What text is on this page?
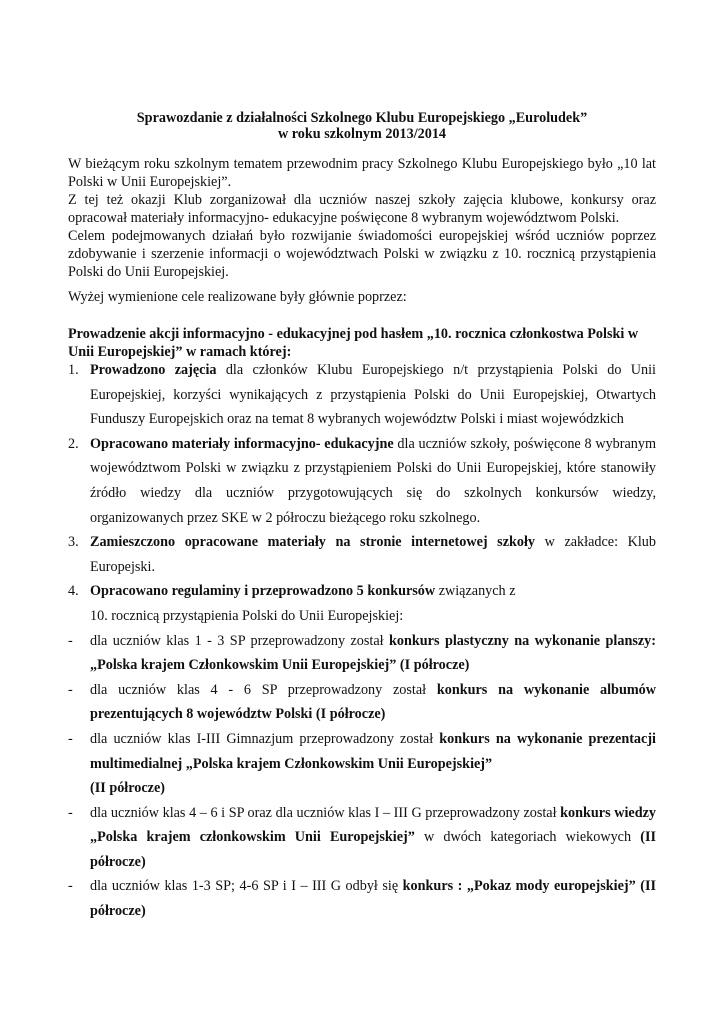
Sprawozdanie z działalności Szkolnego Klubu Europejskiego „Euroludek”
w roku szkolnym 2013/2014

W bieżącym roku szkolnym tematem przewodnim pracy Szkolnego Klubu Europejskiego było „10 lat Polski w Unii Europejskiej”.

Z tej też okazji Klub zorganizował dla uczniów naszej szkoły zajęcia klubowe, konkursy oraz opracował materiały informacyjno- edukacyjne poświęcone 8 wybranym województwom Polski.

Celem podejmowanych działań było rozwijanie świadomości europejskiej wśród uczniów poprzez zdobywanie i szerzenie informacji o województwach Polski w związku z 10. rocznicą przystąpienia Polski do Unii Europejskiej.

Wyżej wymienione cele realizowane były głównie poprzez:
Prowadzenie akcji informacyjno - edukacyjnej pod hasłem „10. rocznica członkostwa Polski w Unii Europejskiej” w ramach której:
1. Prowadzono zajęcia dla członków Klubu Europejskiego n/t przystąpienia Polski do Unii Europejskiej, korzyści wynikających z przystąpienia Polski do Unii Europejskiej, Otwartych Funduszy Europejskich oraz na temat 8 wybranych województw Polski i miast wojewódzkich
2. Opracowano materiały informacyjno- edukacyjne dla uczniów szkoły, poświęcone 8 wybranym województwom Polski w związku z przystąpieniem Polski do Unii Europejskiej, które stanowiły źródło wiedzy dla uczniów przygotowujących się do szkolnych konkursów wiedzy, organizowanych przez SKE w 2 półroczu bieżącego roku szkolnego.
3. Zamieszczono opracowane materiały na stronie internetowej szkoły w zakładce: Klub Europejski.
4. Opracowano regulaminy i przeprowadzono 5 konkursów związanych z
10. rocznicą przystąpienia Polski do Unii Europejskiej:
- dla uczniów klas 1 - 3 SP przeprowadzony został konkurs plastyczny na wykonanie planszy: „Polska krajem Członkowskim Unii Europejskiej” (I półrocze)
- dla uczniów klas 4 - 6 SP przeprowadzony został konkurs na wykonanie albumów prezentujących 8 województw Polski (I półrocze)
- dla uczniów klas I-III Gimnazjum przeprowadzony został konkurs na wykonanie prezentacji multimedialnej „Polska krajem Członkowskim Unii Europejskiej”
(II półrocze)
- dla uczniów klas 4 – 6 i SP oraz dla uczniów klas I – III G przeprowadzony został konkurs wiedzy „Polska krajem członkowskim Unii Europejskiej” w dwóch kategoriach wiekowych (II półrocze)
- dla uczniów klas 1-3 SP; 4-6 SP i I – III G odbył się konkurs : „Pokaz mody europejskiej” (II półrocze)
